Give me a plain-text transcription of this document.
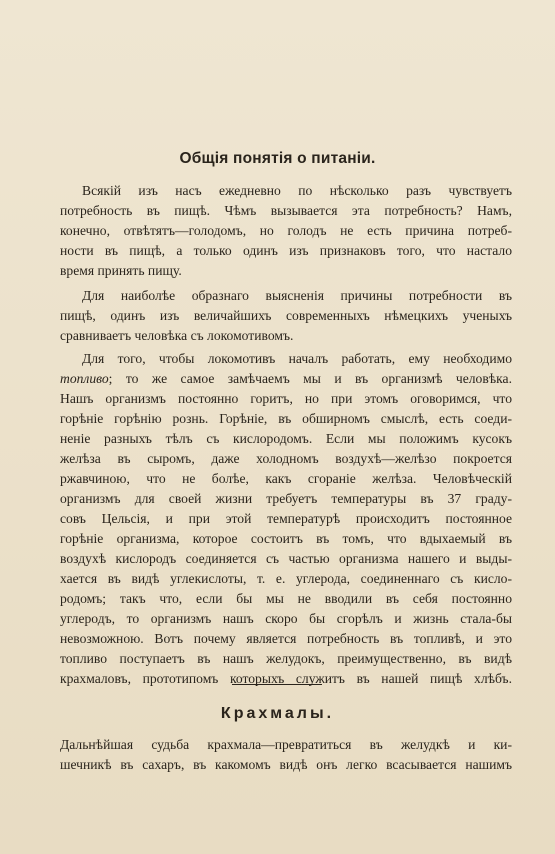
Общія понятія о питаніи.
Всякій изъ насъ ежедневно по нѣсколько разъ чувствуетъ
потребность въ пищѣ. Чѣмъ вызывается эта потребность? Намъ,
конечно, отвѣтятъ—голодомъ, но голодъ не есть причина потреб-
ности въ пищѣ, а только одинъ изъ признаковъ того, что настало
время принять пищу.
Для наиболѣе образнаго выясненія причины потребности въ
пищѣ, одинъ изъ величайшихъ современныхъ нѣмецкихъ ученыхъ
сравниваетъ человѣка съ локомотивомъ.
Для того, чтобы локомотивъ началъ работать, ему необходимо
топливо; то же самое замѣчаемъ мы и въ организмѣ человѣка.
Нашъ организмъ постоянно горитъ, но при этомъ оговоримся, что
горѣніе горѣнію рознь. Горѣніе, въ обширномъ смыслѣ, есть соеди-
неніе разныхъ тѣлъ съ кислородомъ. Если мы положимъ кусокъ
желѣза въ сыромъ, даже холодномъ воздухѣ—желѣзо покроется
ржавчиною, что не болѣе, какъ сгораніе желѣза. Человѣческій
организмъ для своей жизни требуетъ температуры въ 37 граду-
совъ Цельсія, и при этой температурѣ происходитъ постоянное
горѣніе организма, которое состоитъ въ томъ, что вдыхаемый въ
воздухѣ кислородъ соединяется съ частью организма нашего и выды-
хается въ видѣ углекислоты, т. е. углерода, соединеннаго съ кисло-
родомъ; такъ что, если бы мы не вводили въ себя постоянно
углеродъ, то организмъ нашъ скоро бы сгорѣлъ и жизнь стала-бы
невозможною. Вотъ почему является потребность въ топливѣ, и это
топливо поступаетъ въ нашъ желудокъ, преимущественно, въ видѣ
крахмаловъ, прототипомъ которыхъ служитъ въ нашей пищѣ хлѣбъ.
Крахмалы.
Дальнѣйшая судьба крахмала—превратиться въ желудкѣ и ки-
шечникѣ въ сахаръ, въ какомомъ видѣ онъ легко всасывается нашимъ
